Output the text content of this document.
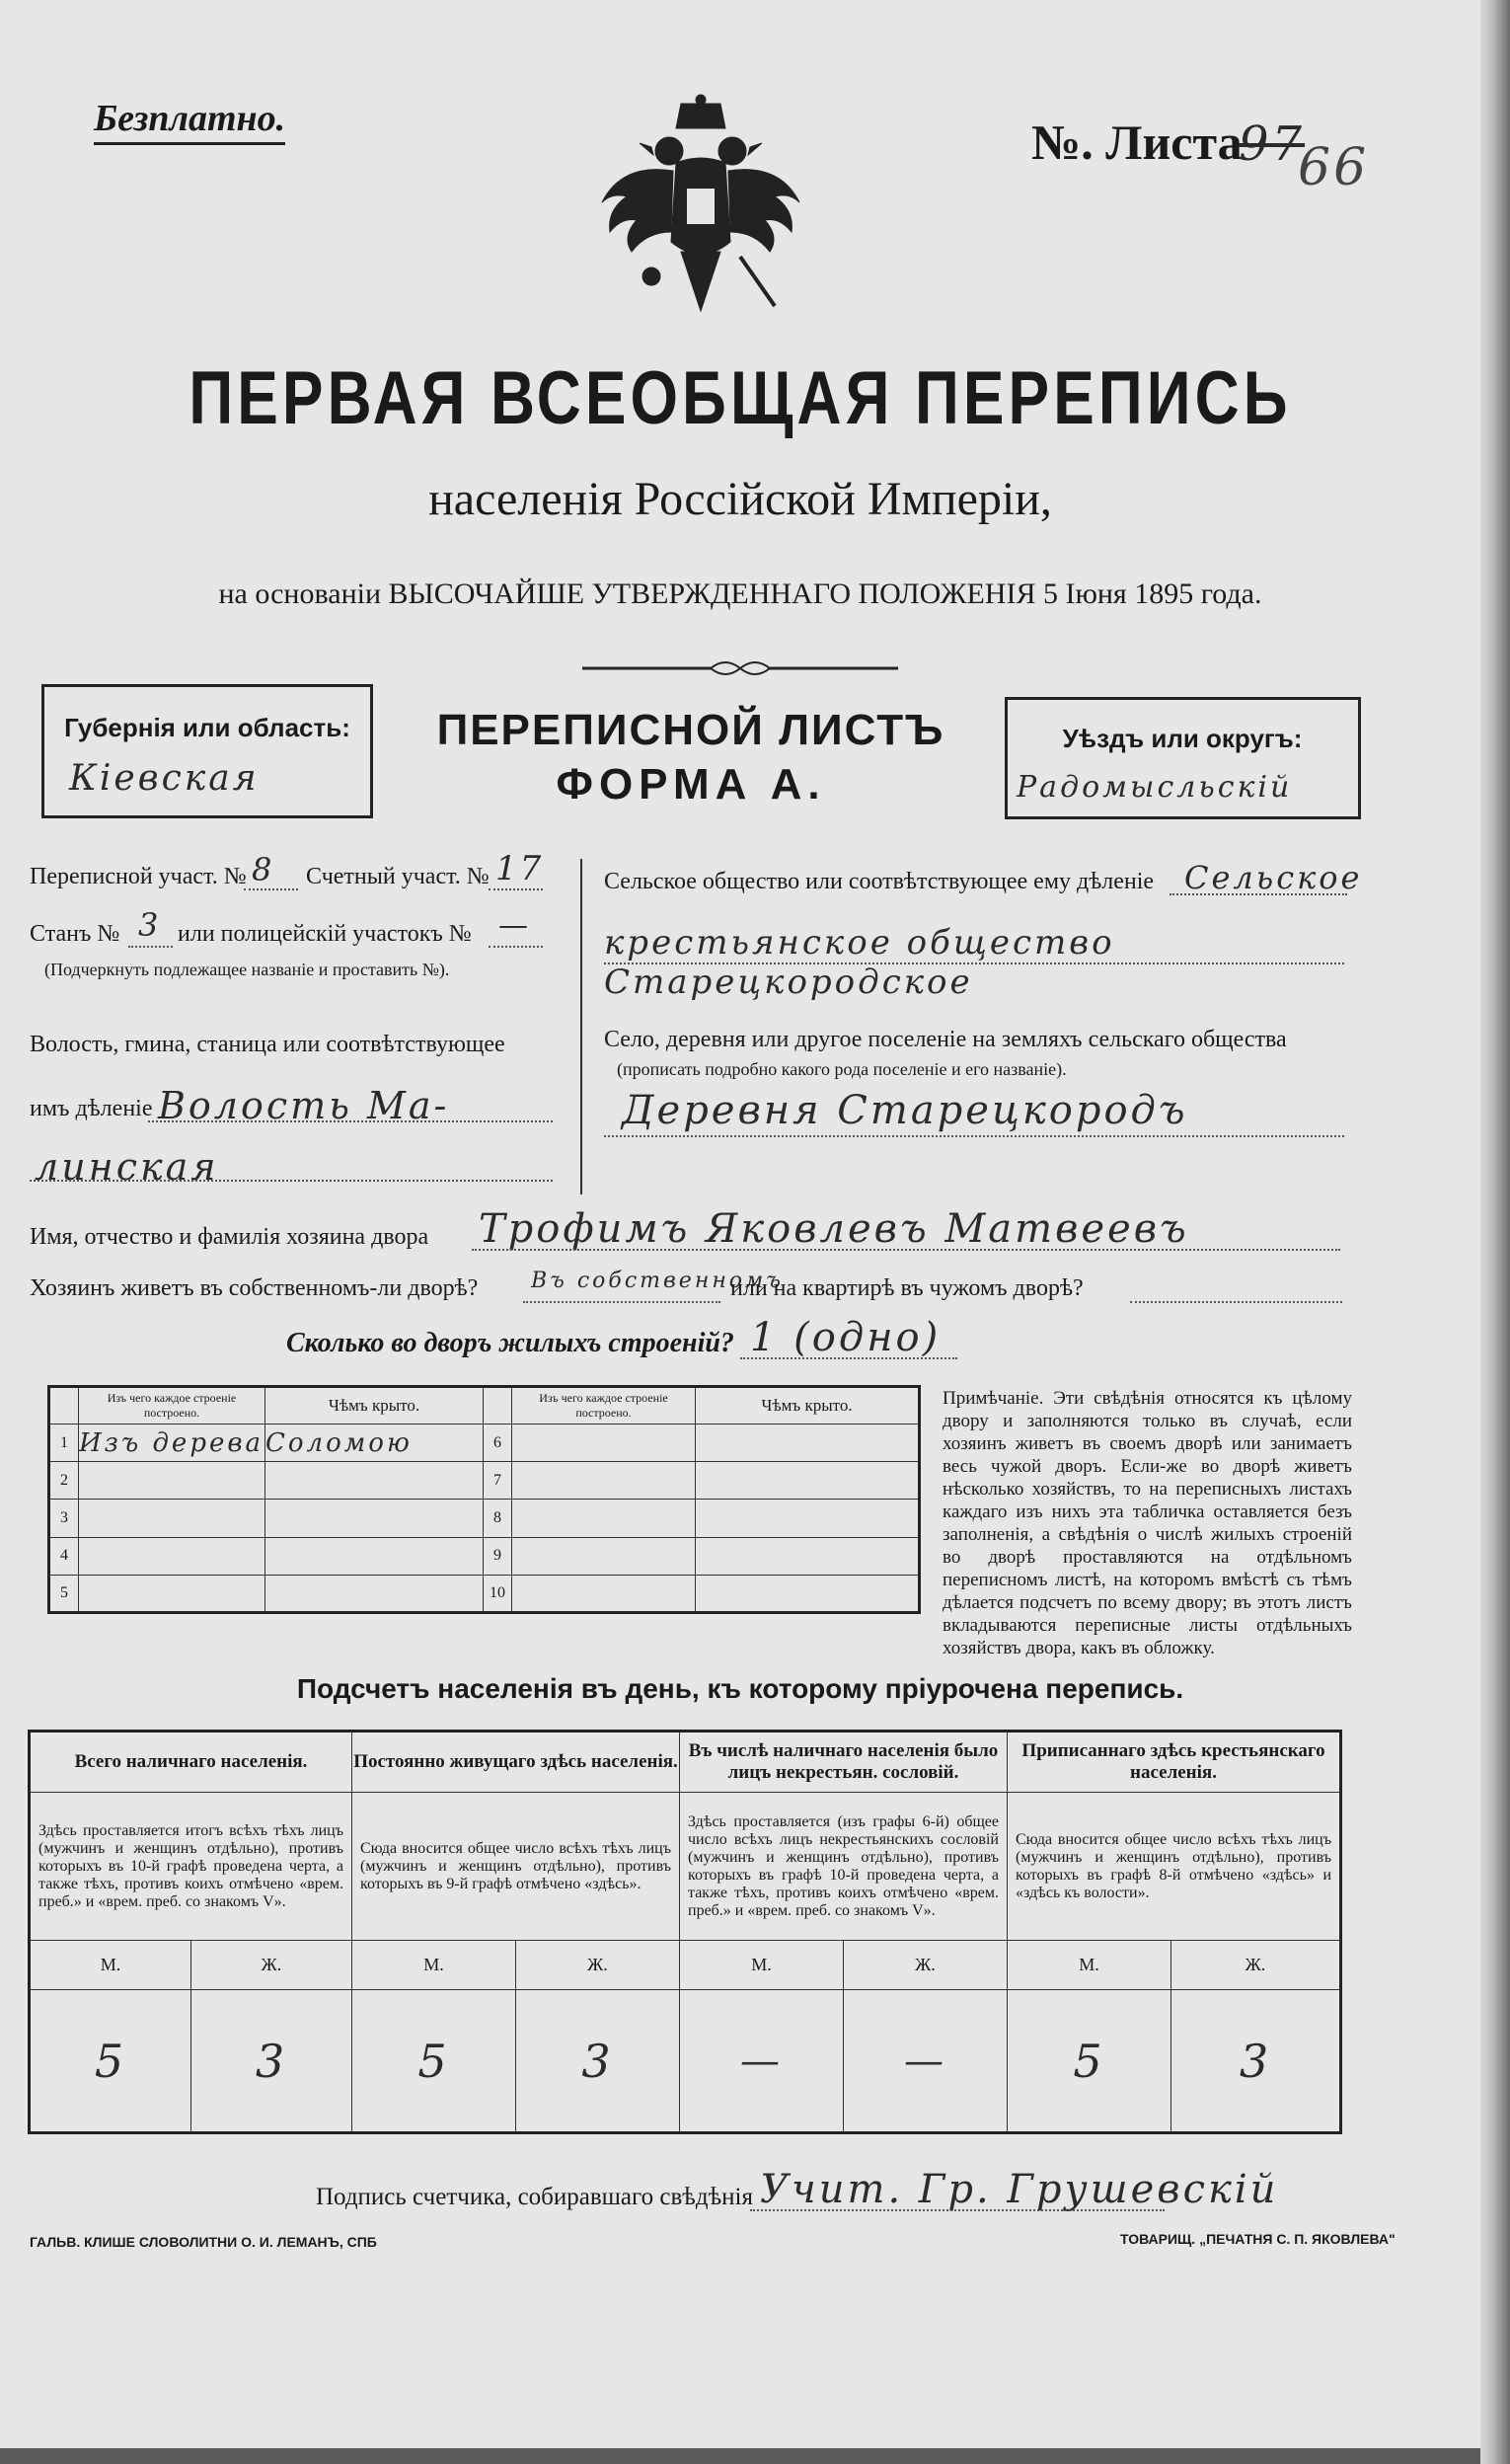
Безплатно.	№. Листа
97
66
ПЕРВАЯ ВСЕОБЩАЯ ПЕРЕПИСЬ
населенія Россійской Имперіи,
на основаніи ВЫСОЧАЙШЕ УТВЕРЖДЕННАГО ПОЛОЖЕНІЯ 5 Іюня 1895 года.
Губернія или область:
Кiевская
Уѣздъ или округъ:
Радомысльскiй
ПЕРЕПИСНОЙ ЛИСТЪ
ФОРМА А.
Переписной участ. № 8 Счетный участ. № 17
Станъ № 3 или полицейскій участокъ № —
(Подчеркнуть подлежащее названіе и проставить №).
Волость, гмина, станица или соотвѣтствующее
имъ дѣленіе Волость Ма-
линская
Сельское общество или соотвѣтствующее ему дѣленіе Сельское
крестьянское общество Старецкородское
Село, деревня или другое поселеніе на земляхъ сельскаго общества
(прописать подробно какого рода поселеніе и его названіе).
Деревня Старецкородъ
Имя, отчество и фамилія хозяина двора Трофимъ Яковлевъ Матвеевъ
Хозяинъ живетъ въ собственномъ-ли дворѣ? Въ собственномъ
или на квартирѣ въ чужомъ дворѣ?
Сколько во дворъ жилыхъ строеній? 1 (одно)
	Изъ чего каждое строеніе построено.	Чѣмъ крыто.		Изъ чего каждое строеніе построено.	Чѣмъ крыто.
1	Изъ дерева	Соломою	6		
2			7		
3			8		
4			9		
5			10		
Примѣчаніе. Эти свѣдѣнія относятся къ цѣлому двору и заполняются только въ случаѣ, если хозяинъ живетъ въ своемъ дворѣ или занимаетъ весь чужой дворъ. Если-же во дворѣ живетъ нѣсколько хозяйствъ, то на переписныхъ листахъ каждаго изъ нихъ эта табличка оставляется безъ заполненія, а свѣдѣнія о числѣ жилыхъ строеній во дворѣ проставляются на отдѣльномъ переписномъ листѣ, на которомъ вмѣстѣ съ тѣмъ дѣлается подсчетъ по всему двору; въ этотъ листъ вкладываются переписные листы отдѣльныхъ хозяйствъ двора, какъ въ обложку.
Подсчетъ населенія въ день, къ которому пріурочена перепись.
Всего наличнаго населенія.		Постоянно живущаго здѣсь населенія.		Въ числѣ наличнаго населенія было лицъ некрестьян. сословій.		Приписаннаго здѣсь крестьянскаго населенія.	
Здѣсь проставляется итогъ всѣхъ тѣхъ лицъ (мужчинъ и женщинъ отдѣльно), противъ которыхъ въ 10-й графѣ проведена черта, а также тѣхъ, противъ коихъ отмѣчено «врем. преб.» и «врем. преб. со знакомъ V».		Сюда вносится общее число всѣхъ тѣхъ лицъ (мужчинъ и женщинъ отдѣльно), противъ которыхъ въ 9-й графѣ отмѣчено «здѣсь».		Здѣсь проставляется (изъ графы 6-й) общее число всѣхъ лицъ некрестьянскихъ сословій (мужчинъ и женщинъ отдѣльно), противъ которыхъ въ графѣ 10-й проведена черта, а также тѣхъ, противъ коихъ отмѣчено «врем. преб.» и «врем. преб. со знакомъ V».		Сюда вносится общее число всѣхъ тѣхъ лицъ (мужчинъ и женщинъ отдѣльно), противъ которыхъ въ графѣ 8-й отмѣчено «здѣсь» и «здѣсь къ волости».	
М.	Ж.	М.	Ж.	М.	Ж.	М.	Ж.
5	3	5	3	—	—	5	3
Подпись счетчика, собиравшаго свѣдѣнія Учит. Гр. Грушевскiй
ГАЛЬВ. КЛИШЕ СЛОВОЛИТНИ О. И. ЛЕМАНЪ, СПБ	ТОВАРИЩ. „ПЕЧАТНЯ С. П. ЯКОВЛЕВА"
